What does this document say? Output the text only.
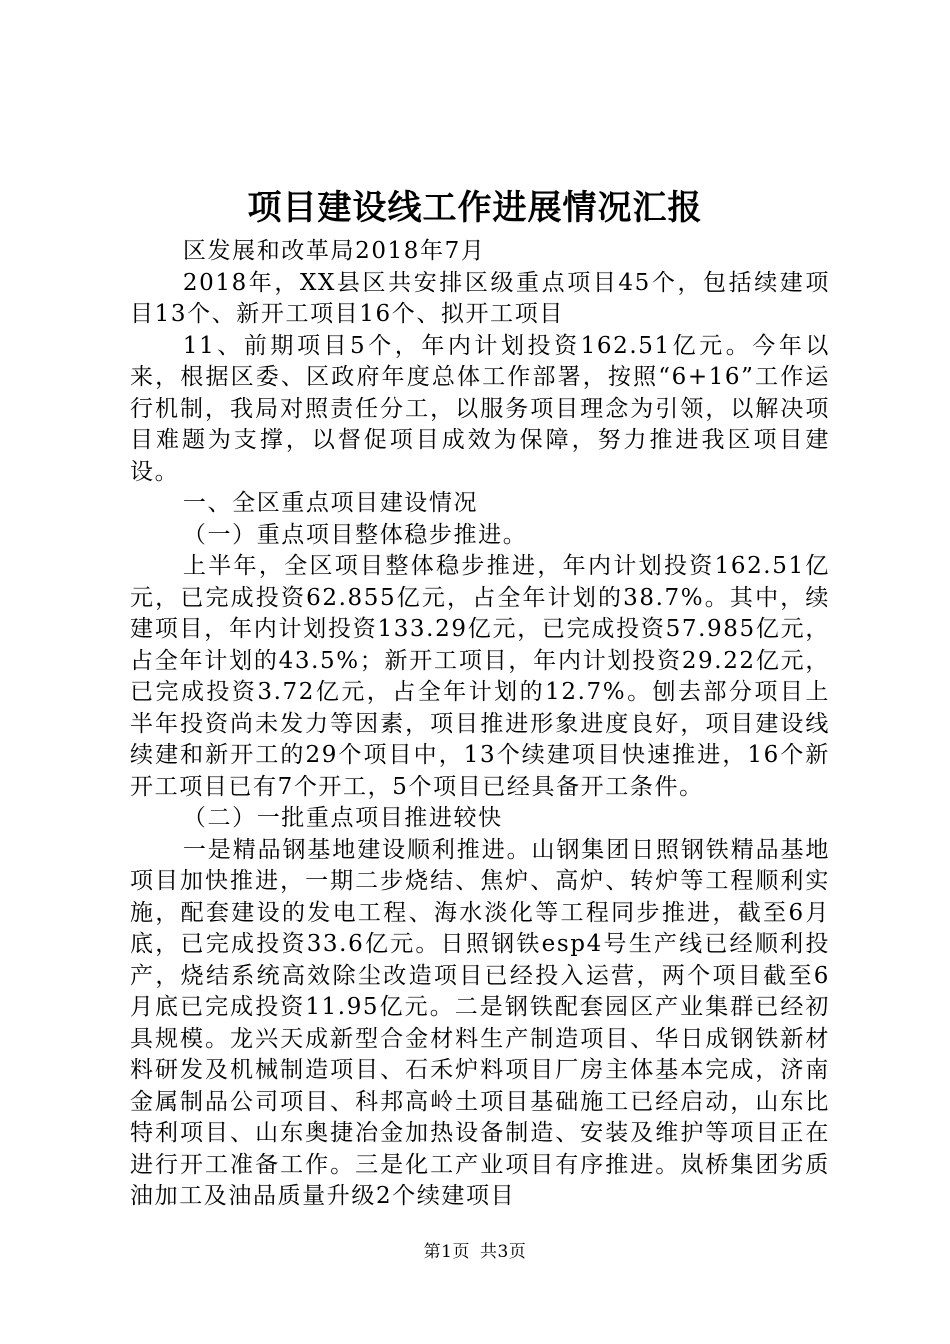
项目建设线工作进展情况汇报

区发展和改革局2018年7月

2018年，XX县区共安排区级重点项目45个，包括续建项目13个、新开工项目16个、拟开工项目

11、前期项目5个，年内计划投资162.51亿元。今年以来，根据区委、区政府年度总体工作部署，按照“6+16”工作运行机制，我局对照责任分工，以服务项目理念为引领，以解决项目难题为支撑，以督促项目成效为保障，努力推进我区项目建设。

一、全区重点项目建设情况

（一）重点项目整体稳步推进。

上半年，全区项目整体稳步推进，年内计划投资162.51亿元，已完成投资62.855亿元，占全年计划的38.7%。其中，续建项目，年内计划投资133.29亿元，已完成投资57.985亿元，占全年计划的43.5%；新开工项目，年内计划投资29.22亿元，已完成投资3.72亿元，占全年计划的12.7%。刨去部分项目上半年投资尚未发力等因素，项目推进形象进度良好，项目建设线续建和新开工的29个项目中，13个续建项目快速推进，16个新开工项目已有7个开工，5个项目已经具备开工条件。

（二）一批重点项目推进较快

一是精品钢基地建设顺利推进。山钢集团日照钢铁精品基地项目加快推进，一期二步烧结、焦炉、高炉、转炉等工程顺利实施，配套建设的发电工程、海水淡化等工程同步推进，截至6月底，已完成投资33.6亿元。日照钢铁esp4号生产线已经顺利投产，烧结系统高效除尘改造项目已经投入运营，两个项目截至6月底已完成投资11.95亿元。二是钢铁配套园区产业集群已经初具规模。龙兴天成新型合金材料生产制造项目、华日成钢铁新材料研发及机械制造项目、石禾炉料项目厂房主体基本完成，济南金属制品公司项目、科邦高岭土项目基础施工已经启动，山东比特利项目、山东奥捷冶金加热设备制造、安装及维护等项目正在进行开工准备工作。三是化工产业项目有序推进。岚桥集团劣质油加工及油品质量升级2个续建项目

第1页 共3页
